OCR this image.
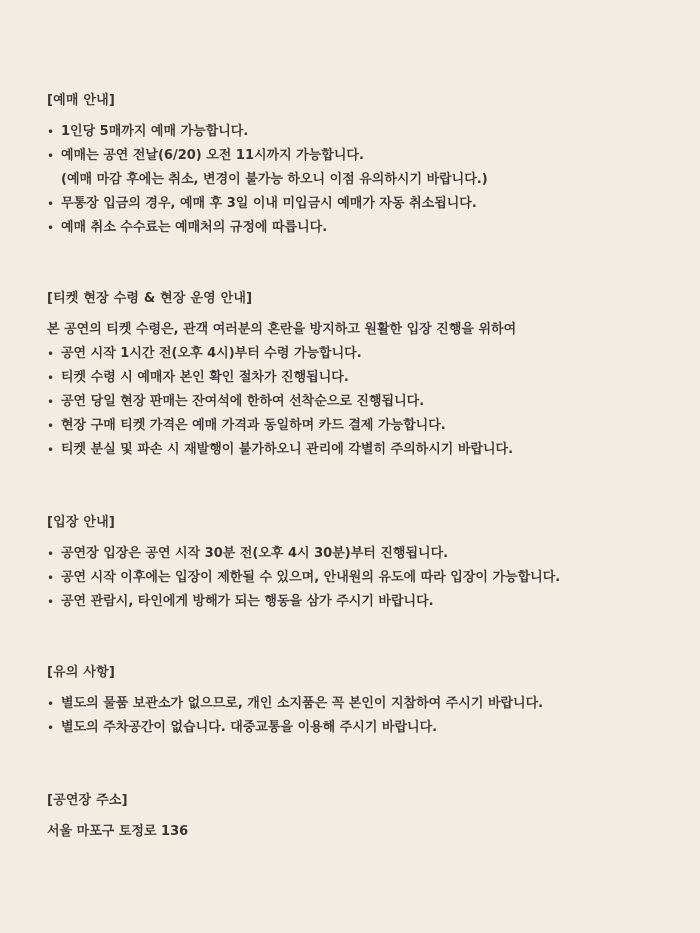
[예매 안내]
• 1인당 5매까지 예매 가능합니다.
• 예매는 공연 전날(6/20) 오전 11시까지 가능합니다.
(예매 마감 후에는 취소, 변경이 불가능 하오니 이점 유의하시기 바랍니다.)
• 무통장 입금의 경우, 예매 후 3일 이내 미입금시 예매가 자동 취소됩니다.
• 예매 취소 수수료는 예매처의 규정에 따릅니다.
[티켓 현장 수령 & 현장 운영 안내]
본 공연의 티켓 수령은, 관객 여러분의 혼란을 방지하고 원활한 입장 진행을 위하여
• 공연 시작 1시간 전(오후 4시)부터 수령 가능합니다.
• 티켓 수령 시 예매자 본인 확인 절차가 진행됩니다.
• 공연 당일 현장 판매는 잔여석에 한하여 선착순으로 진행됩니다.
• 현장 구매 티켓 가격은 예매 가격과 동일하며 카드 결제 가능합니다.
• 티켓 분실 및 파손 시 재발행이 불가하오니 관리에 각별히 주의하시기 바랍니다.
[입장 안내]
• 공연장 입장은 공연 시작 30분 전(오후 4시 30분)부터 진행됩니다.
• 공연 시작 이후에는 입장이 제한될 수 있으며, 안내원의 유도에 따라 입장이 가능합니다.
• 공연 관람시, 타인에게 방해가 되는 행동을 삼가 주시기 바랍니다.
[유의 사항]
• 별도의 물품 보관소가 없으므로, 개인 소지품은 꼭 본인이 지참하여 주시기 바랍니다.
• 별도의 주차공간이 없습니다. 대중교통을 이용해 주시기 바랍니다.
[공연장 주소]
서울 마포구 토정로 136
